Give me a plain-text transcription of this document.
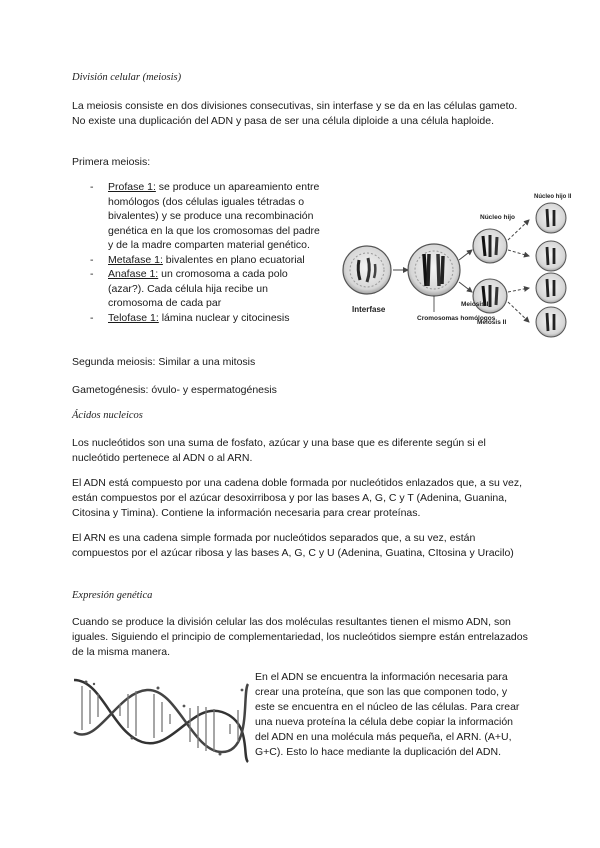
División celular (meiosis)
La meiosis consiste en dos divisiones consecutivas, sin interfase y se da en las células gameto. No existe una duplicación del ADN y pasa de ser una célula diploide a una célula haploide.
Primera meiosis:
- Profase 1: se produce un apareamiento entre homólogos (dos células iguales tétradas o bivalentes) y se produce una recombinación genética en la que los cromosomas del padre y de la madre comparten material genético.
- Metafase 1: bivalentes en plano ecuatorial
- Anafase 1: un cromosoma a cada polo (azar?). Cada célula hija recibe un cromosoma de cada par
- Telofase 1: lámina nuclear y citocinesis
Interfase
Cromosomas homólogos
Meiosis I
Núcleo hijo
Núcleo hijo II
Meiosis II
Segunda meiosis: Similar a una mitosis
Gametogénesis: óvulo- y espermatogénesis
Ácidos nucleicos
Los nucleótidos son una suma de fosfato, azúcar y una base que es diferente según si el nucleótido pertenece al ADN o al ARN.
El ADN está compuesto por una cadena doble formada por nucleótidos enlazados que, a su vez, están compuestos por el azúcar desoxirribosa y por las bases A, G, C y T (Adenina, Guanina, Citosina y Timina). Contiene la información necesaria para crear proteínas.
El ARN es una cadena simple formada por nucleótidos separados que, a su vez, están compuestos por el azúcar ribosa y las bases A, G, C y U (Adenina, Guatina, CItosina y Uracilo)
Expresión genética
Cuando se produce la división celular las dos moléculas resultantes tienen el mismo ADN, son iguales. Siguiendo el principio de complementariedad, los nucleótidos siempre están entrelazados de la misma manera.
En el ADN se encuentra la información necesaria para crear una proteína, que son las que componen todo, y este se encuentra en el núcleo de las células. Para crear una nueva proteína la célula debe copiar la información del ADN en una molécula más pequeña, el ARN. (A+U, G+C). Esto lo hace mediante la duplicación del ADN.
